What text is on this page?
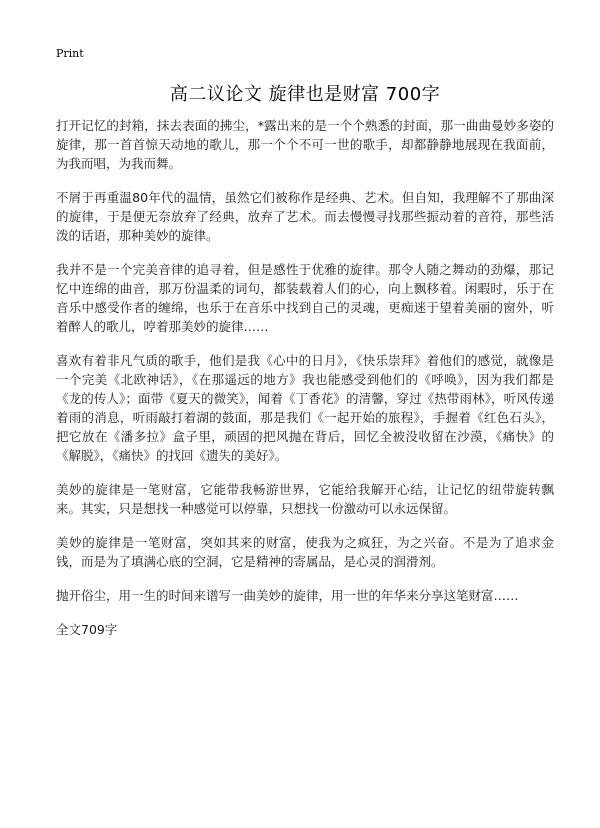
Print
高二议论文 旋律也是财富 700字

打开记忆的封箱，抹去表面的拂尘，*露出来的是一个个熟悉的封面，那一曲曲曼妙多姿的旋律，那一首首惊天动地的歌儿，那一个个不可一世的歌手，却都静静地展现在我面前，为我而唱，为我而舞。

不屑于再重温80年代的温情，虽然它们被称作是经典、艺术。但自知，我理解不了那曲深的旋律，于是便无奈放弃了经典，放弃了艺术。而去慢慢寻找那些振动着的音符，那些活泼的话语，那种美妙的旋律。

我并不是一个完美音律的追寻着，但是感性于优雅的旋律。那令人随之舞动的劲爆，那记忆中连绵的曲音，那万份温柔的词句，都装载着人们的心，向上飘移着。闲暇时，乐于在音乐中感受作者的缠绵，也乐于在音乐中找到自己的灵魂，更痴迷于望着美丽的窗外，听着醉人的歌儿，哼着那美妙的旋律……

喜欢有着非凡气质的歌手，他们是我《心中的日月》，《快乐崇拜》着他们的感觉，就像是一个完美《北欧神话》，《在那遥远的地方》我也能感受到他们的《呼唤》，因为我们都是《龙的传人》；面带《夏天的微笑》，闻着《丁香花》的清馨，穿过《热带雨林》，听风传递着雨的消息，听雨敲打着湖的鼓面，那是我们《一起开始的旅程》，手握着《红色石头》，把它放在《潘多拉》盒子里，顽固的把风抛在背后，回忆全被没收留在沙漠，《痛快》的《解脱》，《痛快》的找回《遗失的美好》。

美妙的旋律是一笔财富，它能带我畅游世界，它能给我解开心结，让记忆的纽带旋转飘来。其实，只是想找一种感觉可以停靠，只想找一份激动可以永远保留。

美妙的旋律是一笔财富，突如其来的财富，使我为之疯狂，为之兴奋。不是为了追求金钱，而是为了填满心底的空洞，它是精神的寄属品，是心灵的润滑剂。

抛开俗尘，用一生的时间来谱写一曲美妙的旋律，用一世的年华来分享这笔财富……

全文709字
